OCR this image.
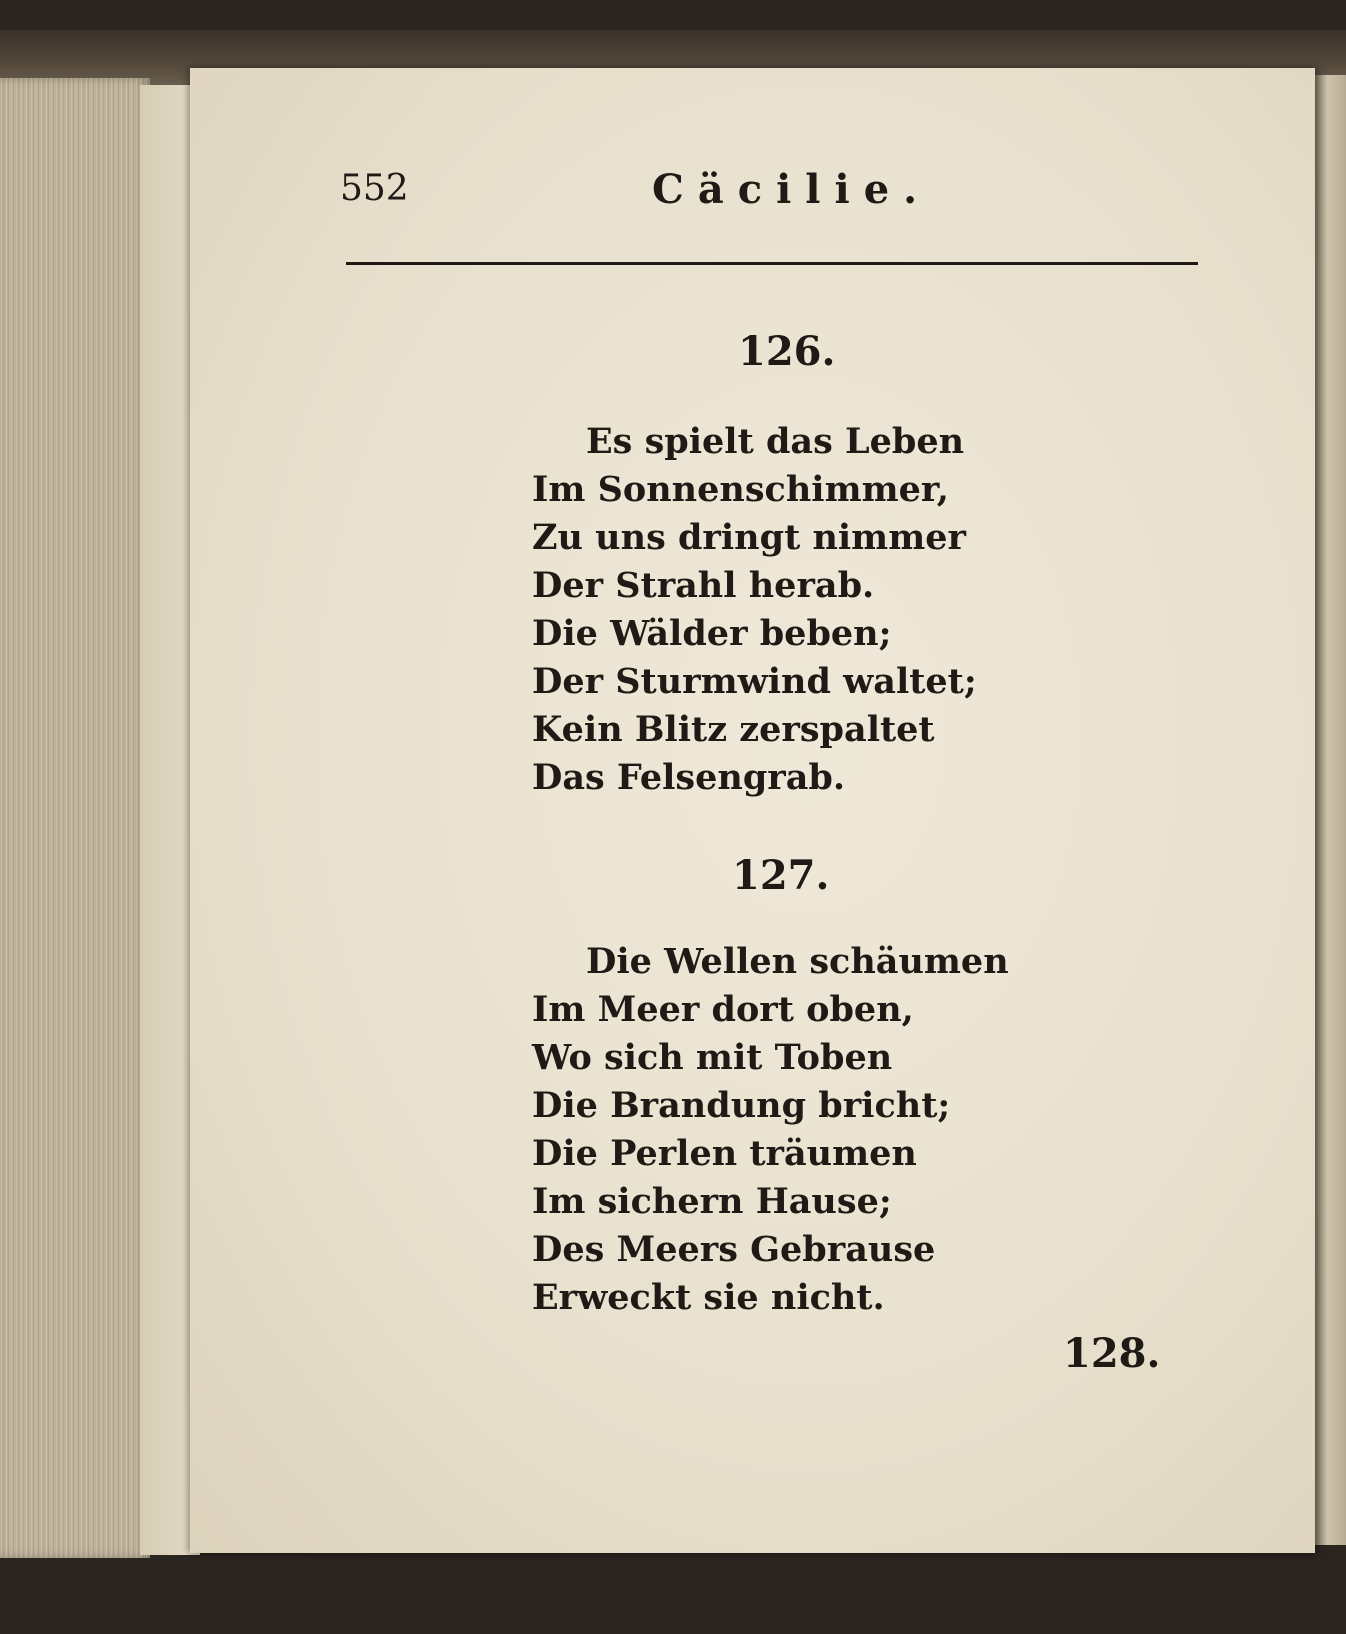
552	Cäcilie.
126.
Es spielt das Leben
Im Sonnenschimmer,
Zu uns dringt nimmer
Der Strahl herab.
Die Wälder beben;
Der Sturmwind waltet;
Kein Blitz zerspaltet
Das Felsengrab.
127.
Die Wellen schäumen
Im Meer dort oben,
Wo sich mit Toben
Die Brandung bricht;
Die Perlen träumen
Im sichern Hause;
Des Meers Gebrause
Erweckt sie nicht.
128.
